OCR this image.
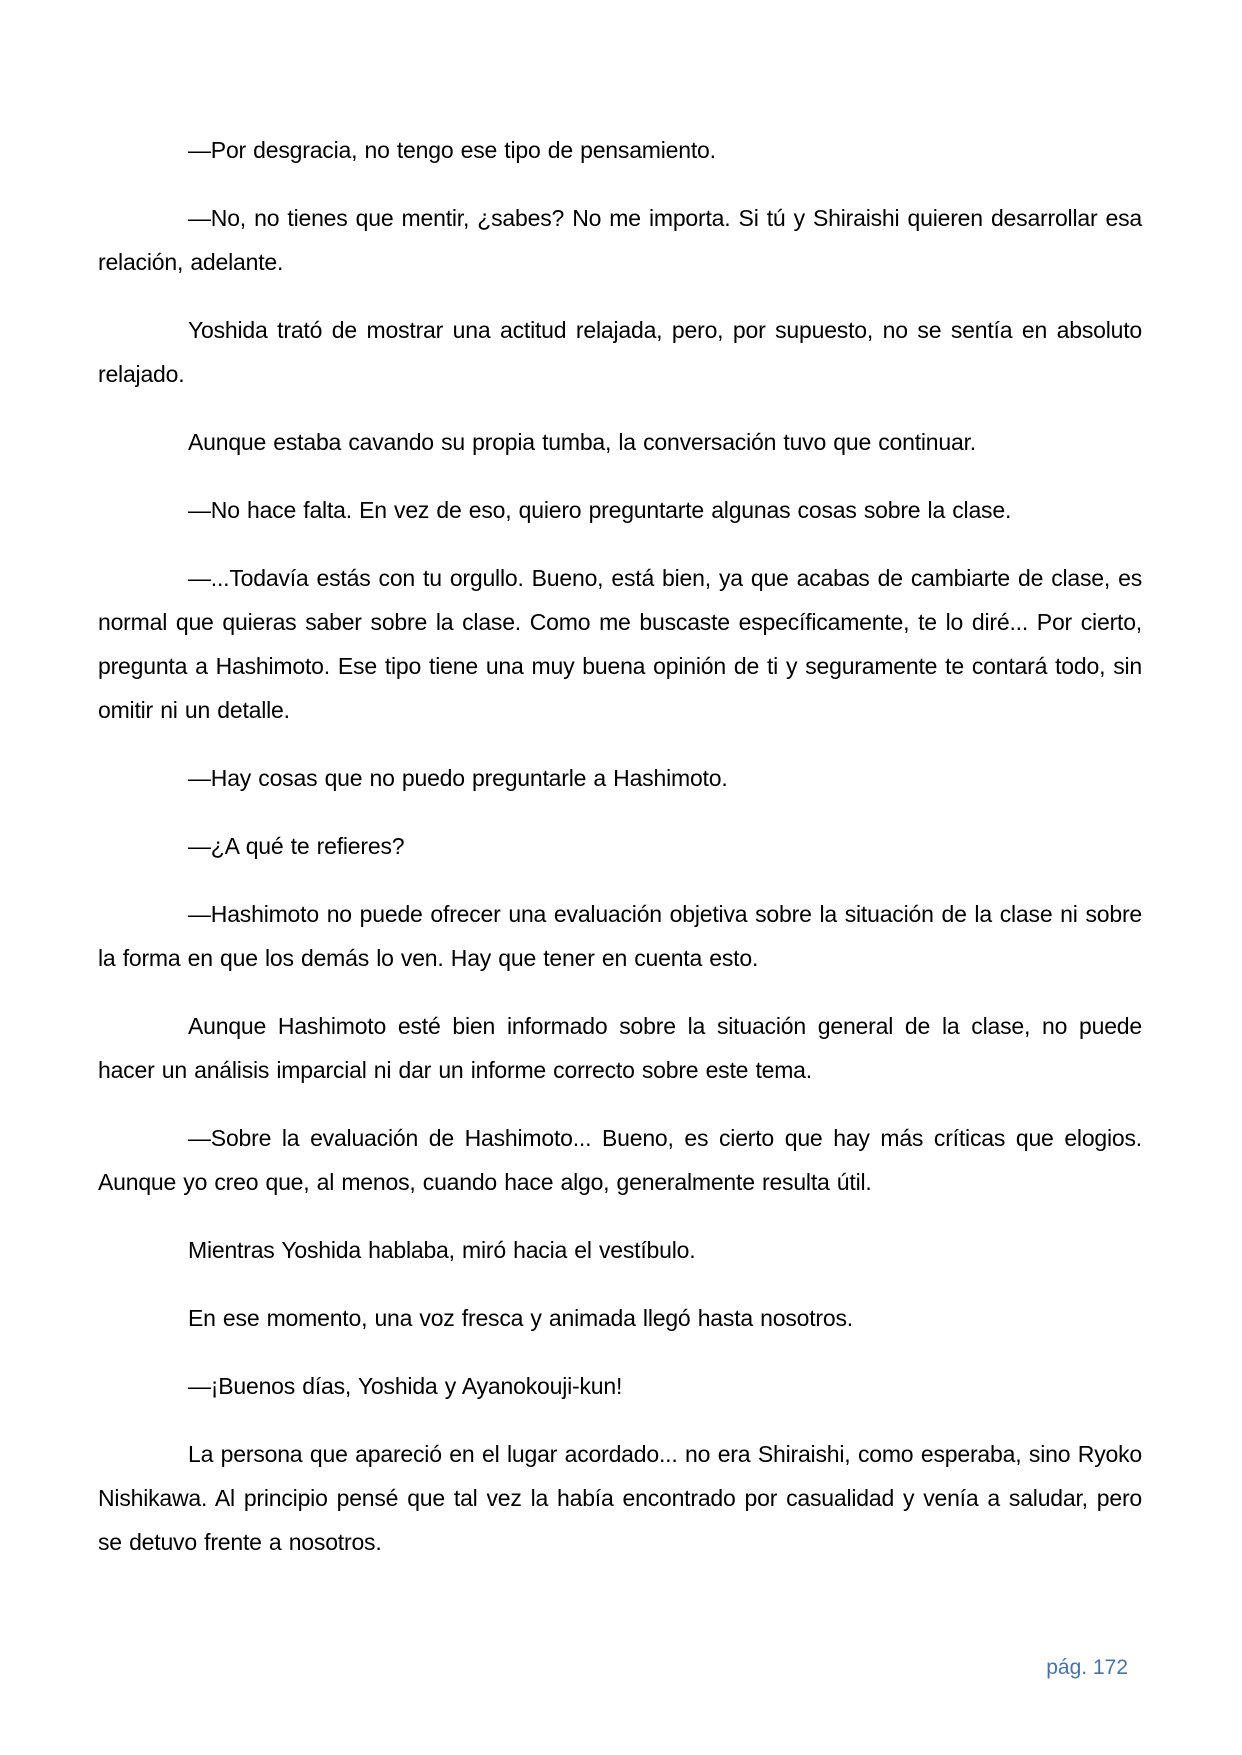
—Por desgracia, no tengo ese tipo de pensamiento.

—No, no tienes que mentir, ¿sabes? No me importa. Si tú y Shiraishi quieren desarrollar esa relación, adelante.

Yoshida trató de mostrar una actitud relajada, pero, por supuesto, no se sentía en absoluto relajado.

Aunque estaba cavando su propia tumba, la conversación tuvo que continuar.

—No hace falta. En vez de eso, quiero preguntarte algunas cosas sobre la clase.

—...Todavía estás con tu orgullo. Bueno, está bien, ya que acabas de cambiarte de clase, es normal que quieras saber sobre la clase. Como me buscaste específicamente, te lo diré... Por cierto, pregunta a Hashimoto. Ese tipo tiene una muy buena opinión de ti y seguramente te contará todo, sin omitir ni un detalle.

—Hay cosas que no puedo preguntarle a Hashimoto.

—¿A qué te refieres?

—Hashimoto no puede ofrecer una evaluación objetiva sobre la situación de la clase ni sobre la forma en que los demás lo ven. Hay que tener en cuenta esto.

Aunque Hashimoto esté bien informado sobre la situación general de la clase, no puede hacer un análisis imparcial ni dar un informe correcto sobre este tema.

—Sobre la evaluación de Hashimoto... Bueno, es cierto que hay más críticas que elogios. Aunque yo creo que, al menos, cuando hace algo, generalmente resulta útil.

Mientras Yoshida hablaba, miró hacia el vestíbulo.

En ese momento, una voz fresca y animada llegó hasta nosotros.

—¡Buenos días, Yoshida y Ayanokouji-kun!

La persona que apareció en el lugar acordado... no era Shiraishi, como esperaba, sino Ryoko Nishikawa. Al principio pensé que tal vez la había encontrado por casualidad y venía a saludar, pero se detuvo frente a nosotros.

pág. 172
